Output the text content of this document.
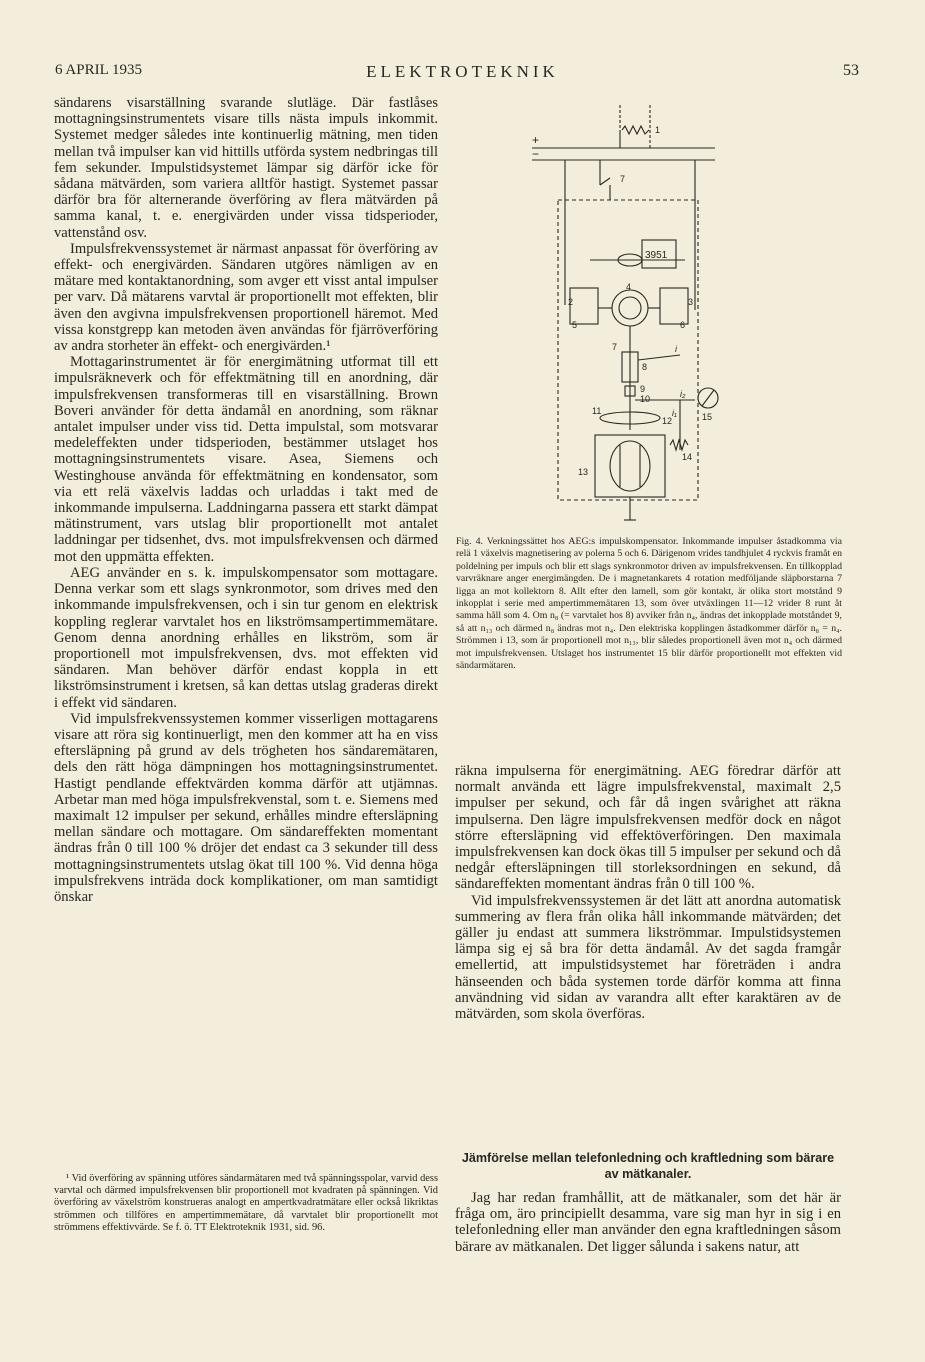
6 APRIL 1935	ELEKTROTEKNIK	53

sändarens visarställning svarande slutläge. Där fastlåses mottagningsinstrumentets visare tills nästa impuls inkommit. Systemet medger således inte kontinuerlig mätning, men tiden mellan två impulser kan vid hittills utförda system nedbringas till fem sekunder. Impulstidsystemet lämpar sig därför icke för sådana mätvärden, som variera alltför hastigt. Systemet passar därför bra för alternerande överföring av flera mätvärden på samma kanal, t. e. energivärden under vissa tidsperioder, vattenstånd osv.

Impulsfrekvenssystemet är närmast anpassat för överföring av effekt- och energivärden. Sändaren utgöres nämligen av en mätare med kontaktanordning, som avger ett visst antal impulser per varv. Då mätarens varvtal är proportionellt mot effekten, blir även den avgivna impulsfrekvensen proportionell häremot. Med vissa konstgrepp kan metoden även användas för fjärröverföring av andra storheter än effekt- och energivärden.¹

Mottagarinstrumentet är för energimätning utformat till ett impulsräkneverk och för effektmätning till en anordning, där impulsfrekvensen transformeras till en visarställning. Brown Boveri använder för detta ändamål en anordning, som räknar antalet impulser under viss tid. Detta impulstal, som motsvarar medeleffekten under tidsperioden, bestämmer utslaget hos mottagningsinstrumentets visare. Asea, Siemens och Westinghouse använda för effektmätning en kondensator, som via ett relä växelvis laddas och urladdas i takt med de inkommande impulserna. Laddningarna passera ett starkt dämpat mätinstrument, vars utslag blir proportionellt mot antalet laddningar per tidsenhet, dvs. mot impulsfrekvensen och därmed mot den uppmätta effekten.

AEG använder en s. k. impulskompensator som mottagare. Denna verkar som ett slags synkronmotor, som drives med den inkommande impulsfrekvensen, och i sin tur genom en elektrisk koppling reglerar varvtalet hos en likströmsampertimmemätare. Genom denna anordning erhålles en likström, som är proportionell mot impulsfrekvensen, dvs. mot effekten vid sändaren. Man behöver därför endast koppla in ett likströmsinstrument i kretsen, så kan dettas utslag graderas direkt i effekt vid sändaren.

Vid impulsfrekvenssystemen kommer visserligen mottagarens visare att röra sig kontinuerligt, men den kommer att ha en viss eftersläpning på grund av dels trögheten hos sändaremätaren, dels den rätt höga dämpningen hos mottagningsinstrumentet. Hastigt pendlande effektvärden komma därför att utjämnas. Arbetar man med höga impulsfrekvenstal, som t. e. Siemens med maximalt 12 impulser per sekund, erhålles mindre eftersläpning mellan sändare och mottagare. Om sändareffekten momentant ändras från 0 till 100 % dröjer det endast ca 3 sekunder till dess mottagningsinstrumentets utslag ökat till 100 %. Vid denna höga impulsfrekvens inträda dock komplikationer, om man samtidigt önskar

¹ Vid överföring av spänning utföres sändarmätaren med två spänningsspolar, varvid dess varvtal och därmed impulsfrekvensen blir proportionell mot kvadraten på spänningen. Vid överföring av växelström konstrueras analogt en ampertkvadratmätare eller också likriktas strömmen och tillföres en ampertimmemätare, då varvtalet blir proportionellt mot strömmens effektivvärde. Se f. ö. TT Elektroteknik 1931, sid. 96.

+
−
1
7
3951
2	3
5	6
4
7
8
i
9
10	i₂
15
i₁
11
12
14
13

Fig. 4. Verkningssättet hos AEG:s impulskompensator. Inkommande impulser åstadkomma via relä 1 växelvis magnetisering av polerna 5 och 6. Därigenom vrides tandhjulet 4 ryckvis framåt en poldelning per impuls och blir ett slags synkronmotor driven av impulsfrekvensen. En tillkopplad varvräknare anger energimängden. De i magnetankarets 4 rotation medföljande släpborstarna 7 ligga an mot kollektorn 8. Allt efter den lamell, som gör kontakt, är olika stort motstånd 9 inkopplat i serie med ampertimmemätaren 13, som över utväxlingen 11—12 vrider 8 runt åt samma håll som 4. Om n₈ (= varvtalet hos 8) avviker från n₄, ändras det inkopplade motståndet 9, så att n₁₃ och därmed n₈ ändras mot n₄. Den elektriska kopplingen åstadkommer därför n₈ = n₄. Strömmen i 13, som är proportionell mot n₁₃, blir således proportionell även mot n₄ och därmed mot impulsfrekvensen. Utslaget hos instrumentet 15 blir därför proportionellt mot effekten vid sändarmätaren.

räkna impulserna för energimätning. AEG föredrar därför att normalt använda ett lägre impulsfrekvenstal, maximalt 2,5 impulser per sekund, och får då ingen svårighet att räkna impulserna. Den lägre impulsfrekvensen medför dock en något större eftersläpning vid effektöverföringen. Den maximala impulsfrekvensen kan dock ökas till 5 impulser per sekund och då nedgår eftersläpningen till storleksordningen en sekund, då sändareffekten momentant ändras från 0 till 100 %.

Vid impulsfrekvenssystemen är det lätt att anordna automatisk summering av flera från olika håll inkommande mätvärden; det gäller ju endast att summera likströmmar. Impulstidsystemen lämpa sig ej så bra för detta ändamål. Av det sagda framgår emellertid, att impulstidsystemet har företräden i andra hänseenden och båda systemen torde därför komma att finna användning vid sidan av varandra allt efter karaktären av de mätvärden, som skola överföras.

Jämförelse mellan telefonledning och kraftledning som bärare av mätkanaler.

Jag har redan framhållit, att de mätkanaler, som det här är fråga om, äro principiellt desamma, vare sig man hyr in sig i en telefonledning eller man använder den egna kraftledningen såsom bärare av mätkanalen. Det ligger sålunda i sakens natur, att
